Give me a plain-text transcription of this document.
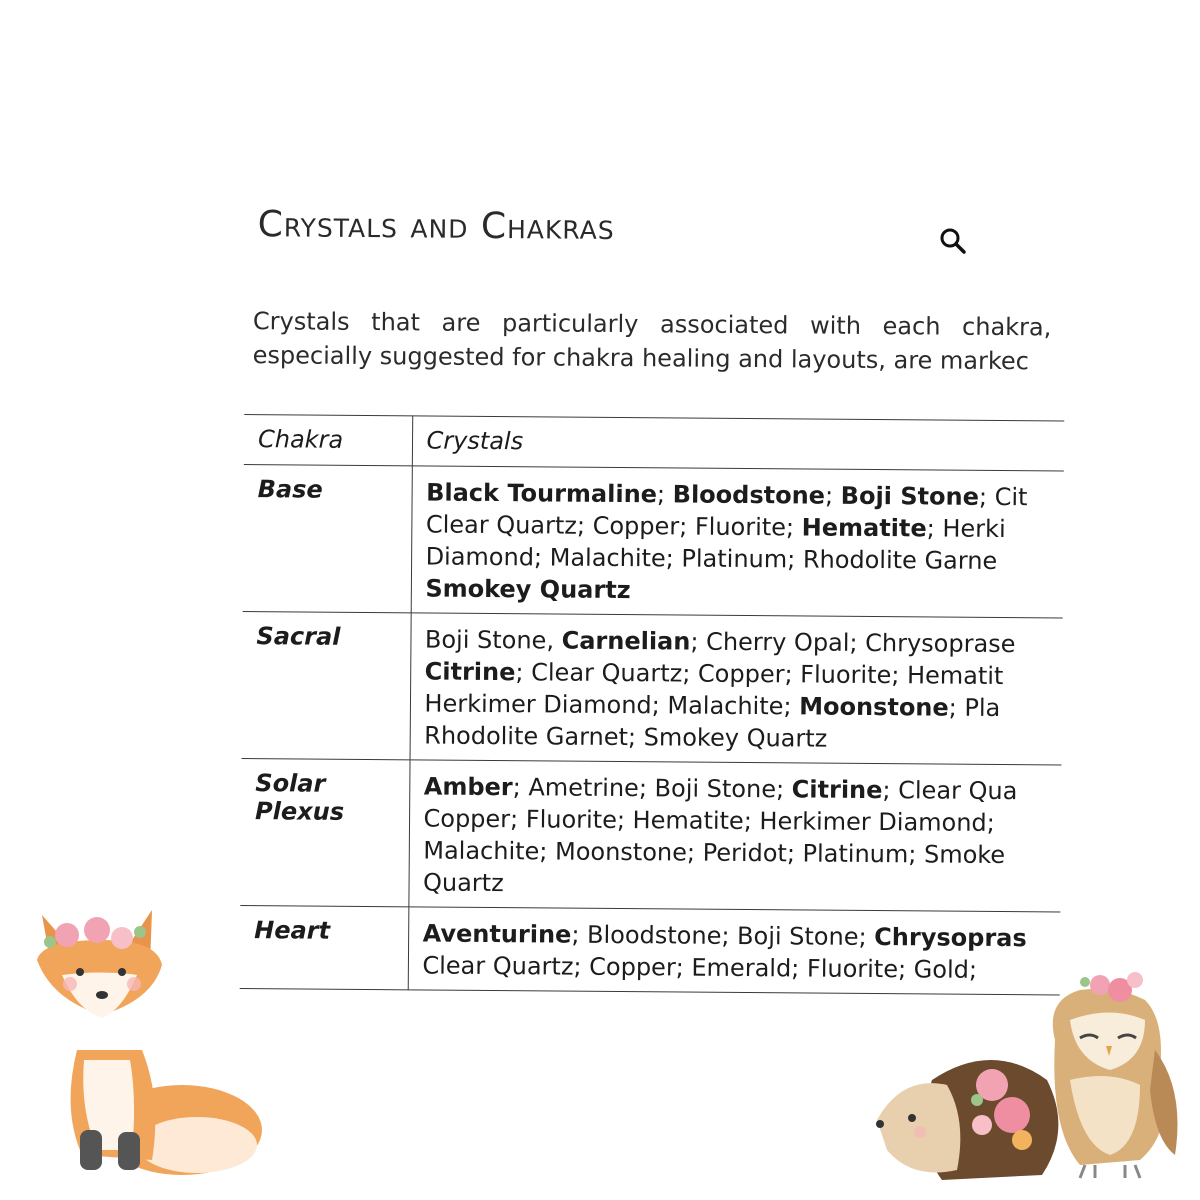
Crystals and Chakras

Crystals that are particularly associated with each chakra,
especially suggested for chakra healing and layouts, are markec

Chakra	Crystals
Base	Black Tourmaline; Bloodstone; Boji Stone; Cit
Clear Quartz; Copper; Fluorite; Hematite; Herki
Diamond; Malachite; Platinum; Rhodolite Garne
Smokey Quartz

Sacral	Boji Stone, Carnelian; Cherry Opal; Chrysoprase
Citrine; Clear Quartz; Copper; Fluorite; Hematit
Herkimer Diamond; Malachite; Moonstone; Pla
Rhodolite Garnet; Smokey Quartz

Solar Plexus	Amber; Ametrine; Boji Stone; Citrine; Clear Qua
Copper; Fluorite; Hematite; Herkimer Diamond;
Malachite; Moonstone; Peridot; Platinum; Smoke
Quartz

Heart	Aventurine; Bloodstone; Boji Stone; Chrysopras
Clear Quartz; Copper; Emerald; Fluorite; Gold;
